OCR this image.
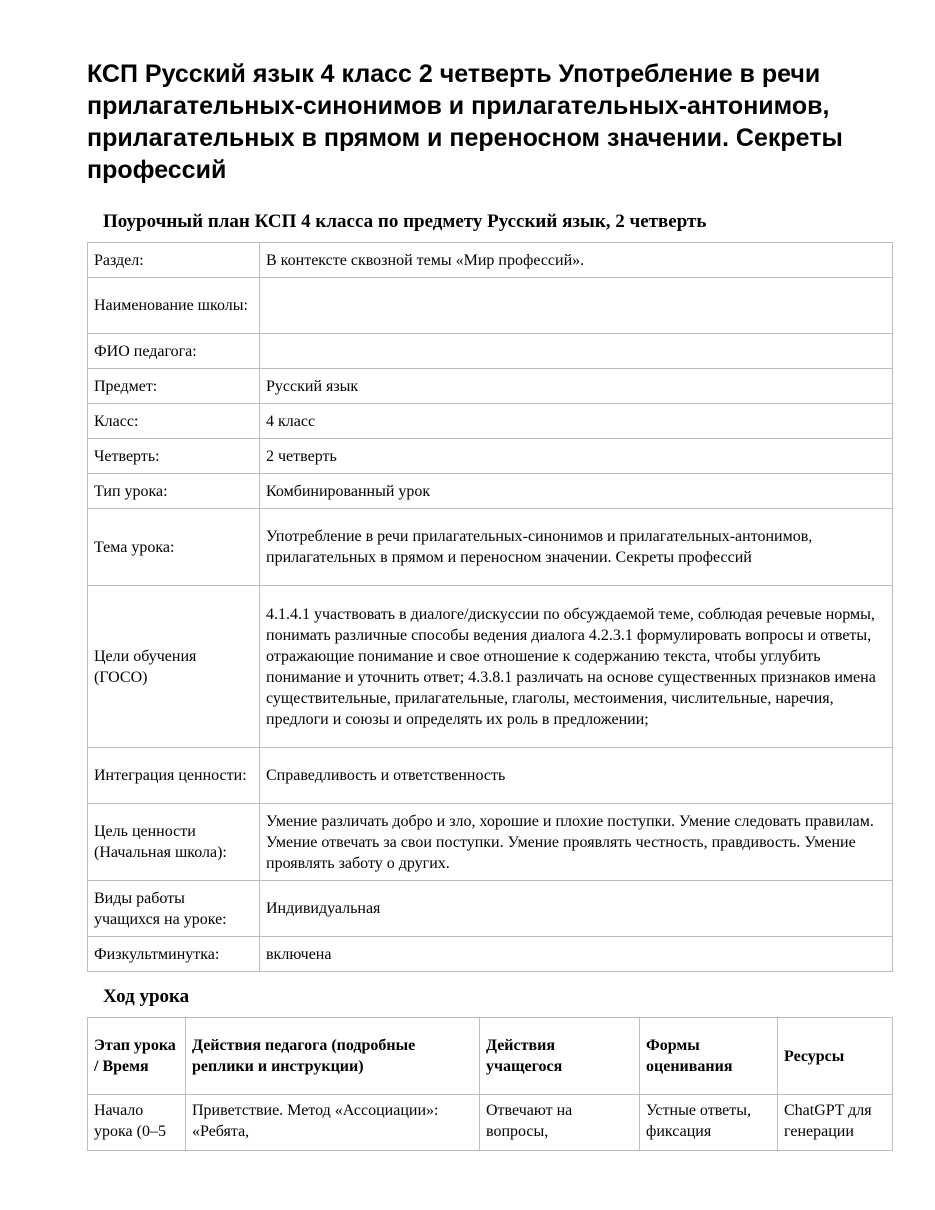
КСП Русский язык 4 класс 2 четверть Употребление в речи прилагательных-синонимов и прилагательных-антонимов, прилагательных в прямом и переносном значении. Секреты профессий
Поурочный план КСП 4 класса по предмету Русский язык, 2 четверть
Раздел:	В контексте сквозной темы «Мир профессий».
Наименование школы:	
ФИО педагога:	
Предмет:	Русский язык
Класс:	4 класс
Четверть:	2 четверть
Тип урока:	Комбинированный урок
Тема урока:	Употребление в речи прилагательных-синонимов и прилагательных-антонимов, прилагательных в прямом и переносном значении. Секреты профессий
Цели обучения (ГОСО)	4.1.4.1 участвовать в диалоге/дискуссии по обсуждаемой теме, соблюдая речевые нормы, понимать различные способы ведения диалога 4.2.3.1 формулировать вопросы и ответы, отражающие понимание и свое отношение к содержанию текста, чтобы углубить понимание и уточнить ответ; 4.3.8.1 различать на основе существенных признаков имена существительные, прилагательные, глаголы, местоимения, числительные, наречия, предлоги и союзы и определять их роль в предложении;
Интеграция ценности:	Справедливость и ответственность
Цель ценности (Начальная школа):	Умение различать добро и зло, хорошие и плохие поступки. Умение следовать правилам. Умение отвечать за свои поступки. Умение проявлять честность, правдивость. Умение проявлять заботу о других.
Виды работы учащихся на уроке:	Индивидуальная
Физкультминутка:	включена
Ход урока
Этап урока / Время	Действия педагога (подробные реплики и инструкции)	Действия учащегося	Формы оценивания	Ресурсы
Начало урока (0–5	Приветствие. Метод «Ассоциации»: «Ребята,	Отвечают на вопросы,	Устные ответы, фиксация	ChatGPT для генерации
